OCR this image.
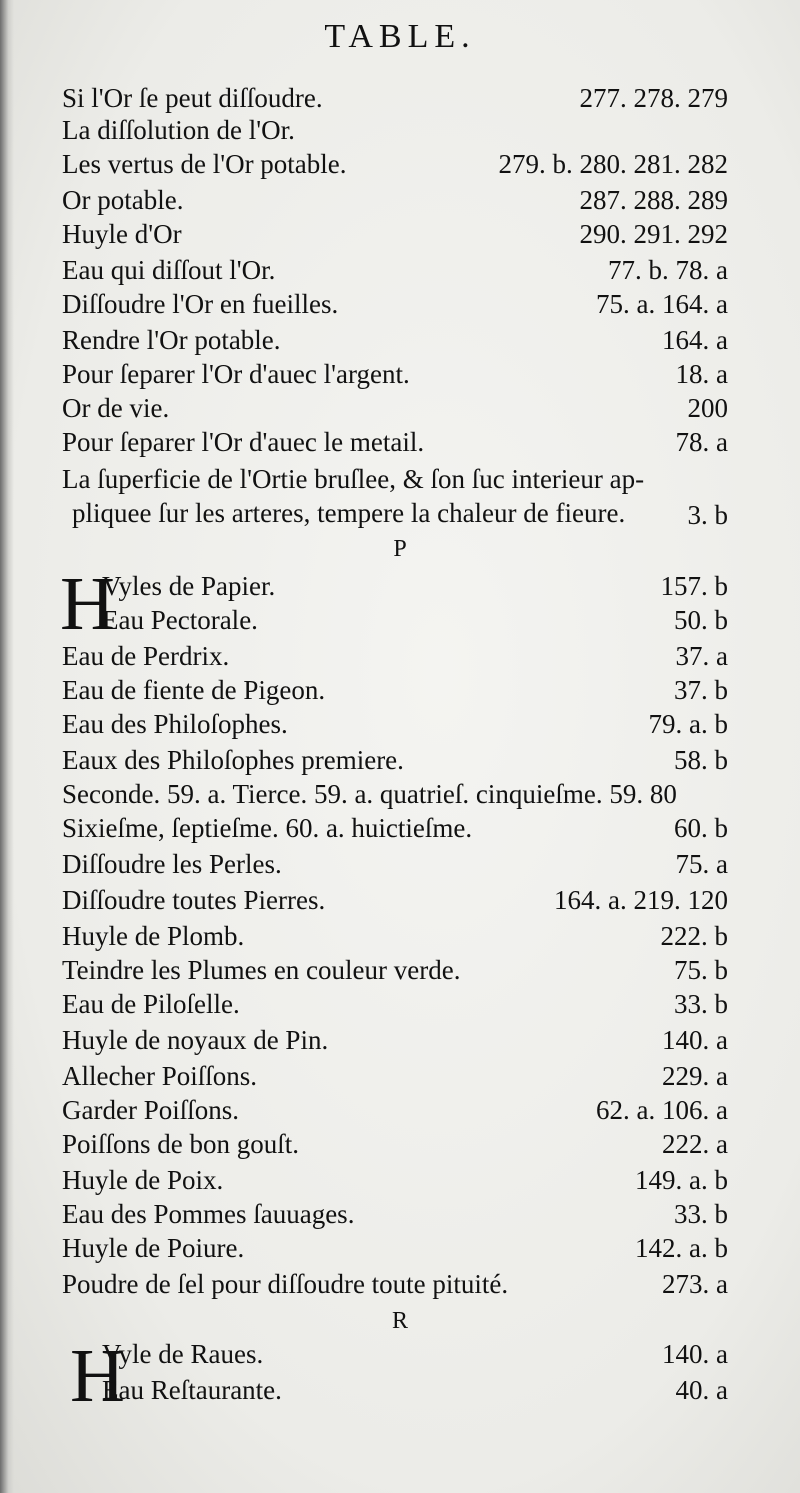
TABLE.
Si l'Or ſe peut diſſoudre.	277. 278. 279
La diſſolution de l'Or.
Les vertus de l'Or potable.	279. b. 280. 281. 282
Or potable.	287. 288. 289
Huyle d'Or	290. 291. 292
Eau qui diſſout l'Or.	77. b. 78. a
Diſſoudre l'Or en fueilles.	75. a. 164. a
Rendre l'Or potable.	164. a
Pour ſeparer l'Or d'auec l'argent.	18. a
Or de vie.	200
Pour ſeparer l'Or d'auec le metail.	78. a
La ſuperficie de l'Ortie bruſlee, & ſon ſuc interieur ap-
pliquee ſur les arteres, tempere la chaleur de fieure.	3. b
P
H
Vyles de Papier.	157. b
Eau Pectorale.	50. b
Eau de Perdrix.	37. a
Eau de fiente de Pigeon.	37. b
Eau des Philoſophes.	79. a. b
Eaux des Philoſophes premiere.	58. b
Seconde. 59. a. Tierce. 59. a. quatrieſ. cinquieſme. 59. 80
Sixieſme, ſeptieſme. 60. a. huictieſme.	60. b
Diſſoudre les Perles.	75. a
Diſſoudre toutes Pierres.	164. a. 219. 120
Huyle de Plomb.	222. b
Teindre les Plumes en couleur verde.	75. b
Eau de Piloſelle.	33. b
Huyle de noyaux de Pin.	140. a
Allecher Poiſſons.	229. a
Garder Poiſſons.	62. a. 106. a
Poiſſons de bon gouſt.	222. a
Huyle de Poix.	149. a. b
Eau des Pommes ſauuages.	33. b
Huyle de Poiure.	142. a. b
Poudre de ſel pour diſſoudre toute pituité.	273. a
R
H
Vyle de Raues.	140. a
Eau Reſtaurante.	40. a
